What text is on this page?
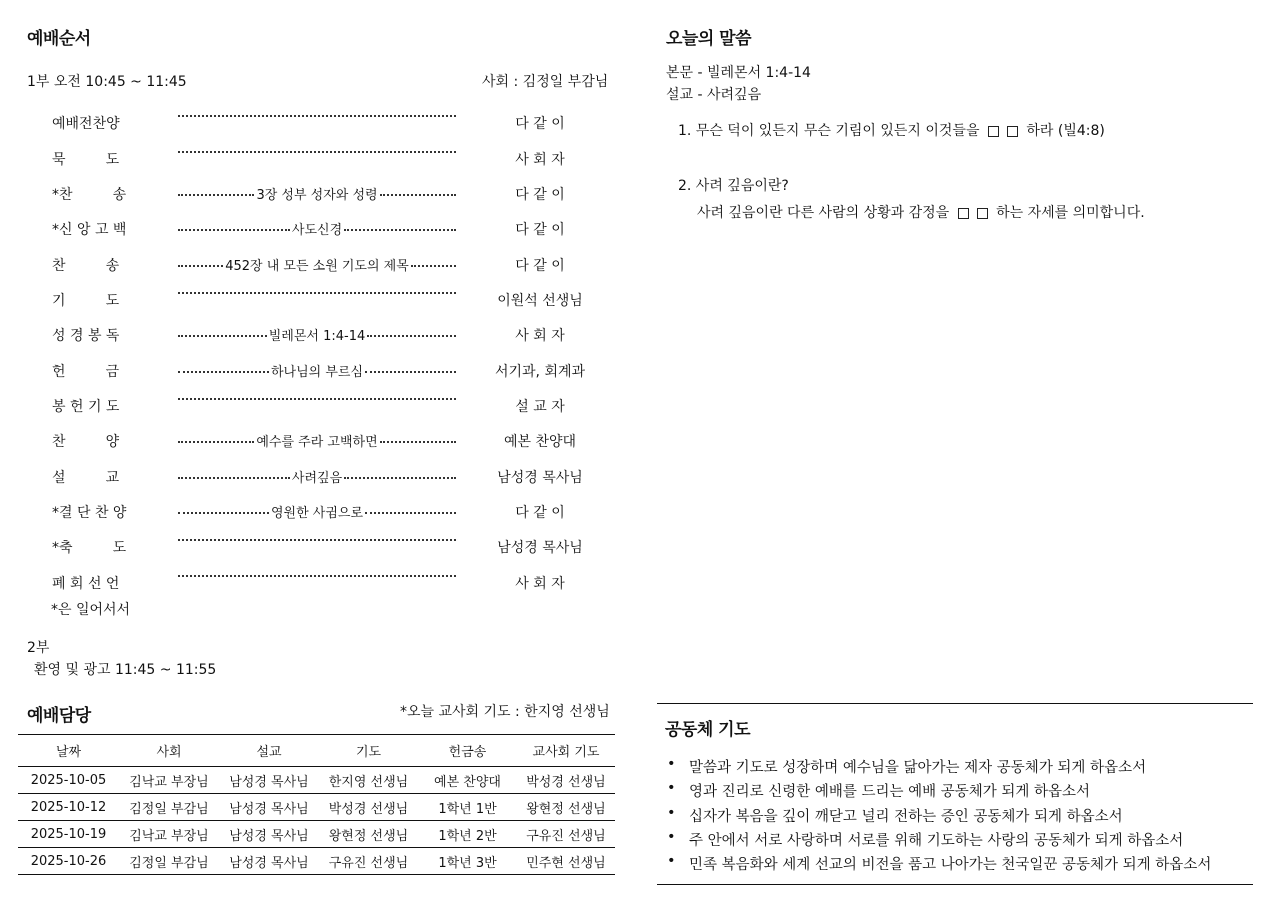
예배순서
1부 오전 10:45 ~ 11:45	사회 : 김정일 부감님
예배전찬양	다 같 이
묵         도	사 회 자
*찬         송	3장 성부 성자와 성령	다 같 이
*신 앙 고 백	사도신경	다 같 이
찬         송	452장 내 모든 소원 기도의 제목	다 같 이
기         도	이원석 선생님
성 경 봉 독	빌레몬서 1:4-14	사 회 자
헌         금	하나님의 부르심	서기과, 회계과
봉 헌 기 도	설 교 자
찬         양	예수를 주라 고백하면	예본 찬양대
설         교	사려깊음	남성경 목사님
*결 단 찬 양	영원한 사귐으로	다 같 이
*축         도	남성경 목사님
폐 회 선 언	사 회 자
*은 일어서서
2부
환영 및 광고 11:45 ~ 11:55
예배담당	*오늘 교사회 기도 : 한지영 선생님
날짜	사회	설교	기도	헌금송	교사회 기도
2025-10-05	김낙교 부장님	남성경 목사님	한지영 선생님	예본 찬양대	박성경 선생님
2025-10-12	김정일 부감님	남성경 목사님	박성경 선생님	1학년 1반	왕현정 선생님
2025-10-19	김낙교 부장님	남성경 목사님	왕현정 선생님	1학년 2반	구유진 선생님
2025-10-26	김정일 부감님	남성경 목사님	구유진 선생님	1학년 3반	민주현 선생님
오늘의 말씀
본문 - 빌레몬서 1:4-14
설교 - 사려깊음
1. 무슨 덕이 있든지 무슨 기림이 있든지 이것들을	하라 (빌4:8)
2. 사려 깊음이란?
사려 깊음이란 다른 사람의 상황과 감정을	하는 자세를 의미합니다.
공동체 기도
• 말씀과 기도로 성장하며 예수님을 닮아가는 제자 공동체가 되게 하옵소서
• 영과 진리로 신령한 예배를 드리는 예배 공동체가 되게 하옵소서
• 십자가 복음을 깊이 깨닫고 널리 전하는 증인 공동체가 되게 하옵소서
• 주 안에서 서로 사랑하며 서로를 위해 기도하는 사랑의 공동체가 되게 하옵소서
• 민족 복음화와 세계 선교의 비전을 품고 나아가는 천국일꾼 공동체가 되게 하옵소서
